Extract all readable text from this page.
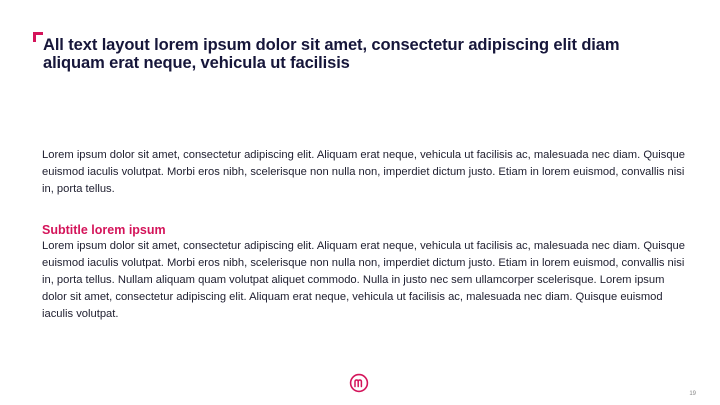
All text layout lorem ipsum dolor sit amet, consectetur adipiscing elit diam aliquam erat neque, vehicula ut facilisis

Lorem ipsum dolor sit amet, consectetur adipiscing elit. Aliquam erat neque, vehicula ut facilisis ac, malesuada nec diam. Quisque euismod iaculis volutpat. Morbi eros nibh, scelerisque non nulla non, imperdiet dictum justo. Etiam in lorem euismod, convallis nisi in, porta tellus.

Subtitle lorem ipsum

Lorem ipsum dolor sit amet, consectetur adipiscing elit. Aliquam erat neque, vehicula ut facilisis ac, malesuada nec diam. Quisque euismod iaculis volutpat. Morbi eros nibh, scelerisque non nulla non, imperdiet dictum justo. Etiam in lorem euismod, convallis nisi in, porta tellus. Nullam aliquam quam volutpat aliquet commodo. Nulla in justo nec sem ullamcorper scelerisque. Lorem ipsum dolor sit amet, consectetur adipiscing elit. Aliquam erat neque, vehicula ut facilisis ac, malesuada nec diam. Quisque euismod iaculis volutpat.

19
